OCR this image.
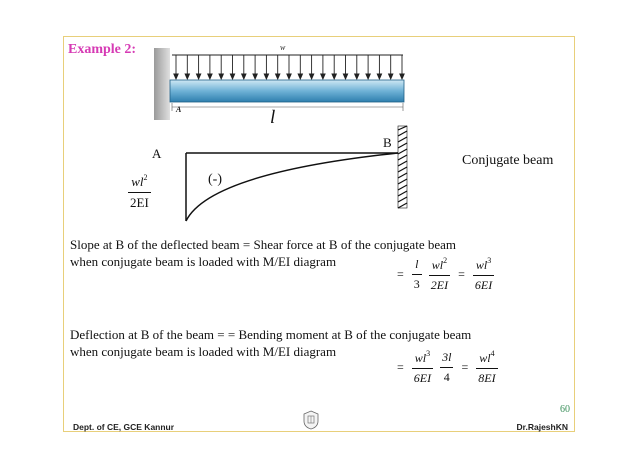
Example 2:	w
A	l
A
B
Conjugate beam
(-)
$\frac{wl^2}{2EI}$
Slope at B of the deflected beam = Shear force at B of the conjugate beam
when conjugate beam is loaded with M/EI diagram
= $\frac{l}{3}$
$\frac{wl^2}{2EI} = \frac{wl^3}{6EI}$
Deflection at B of the beam = = Bending moment at B of the conjugate beam
when conjugate beam is loaded with M/EI diagram
= $\frac{wl^3}{6EI}$
$\frac{3l}{4} = \frac{wl^4}{8EI}$
60
Dept. of CE, GCE Kannur	Dr.RajeshKN
